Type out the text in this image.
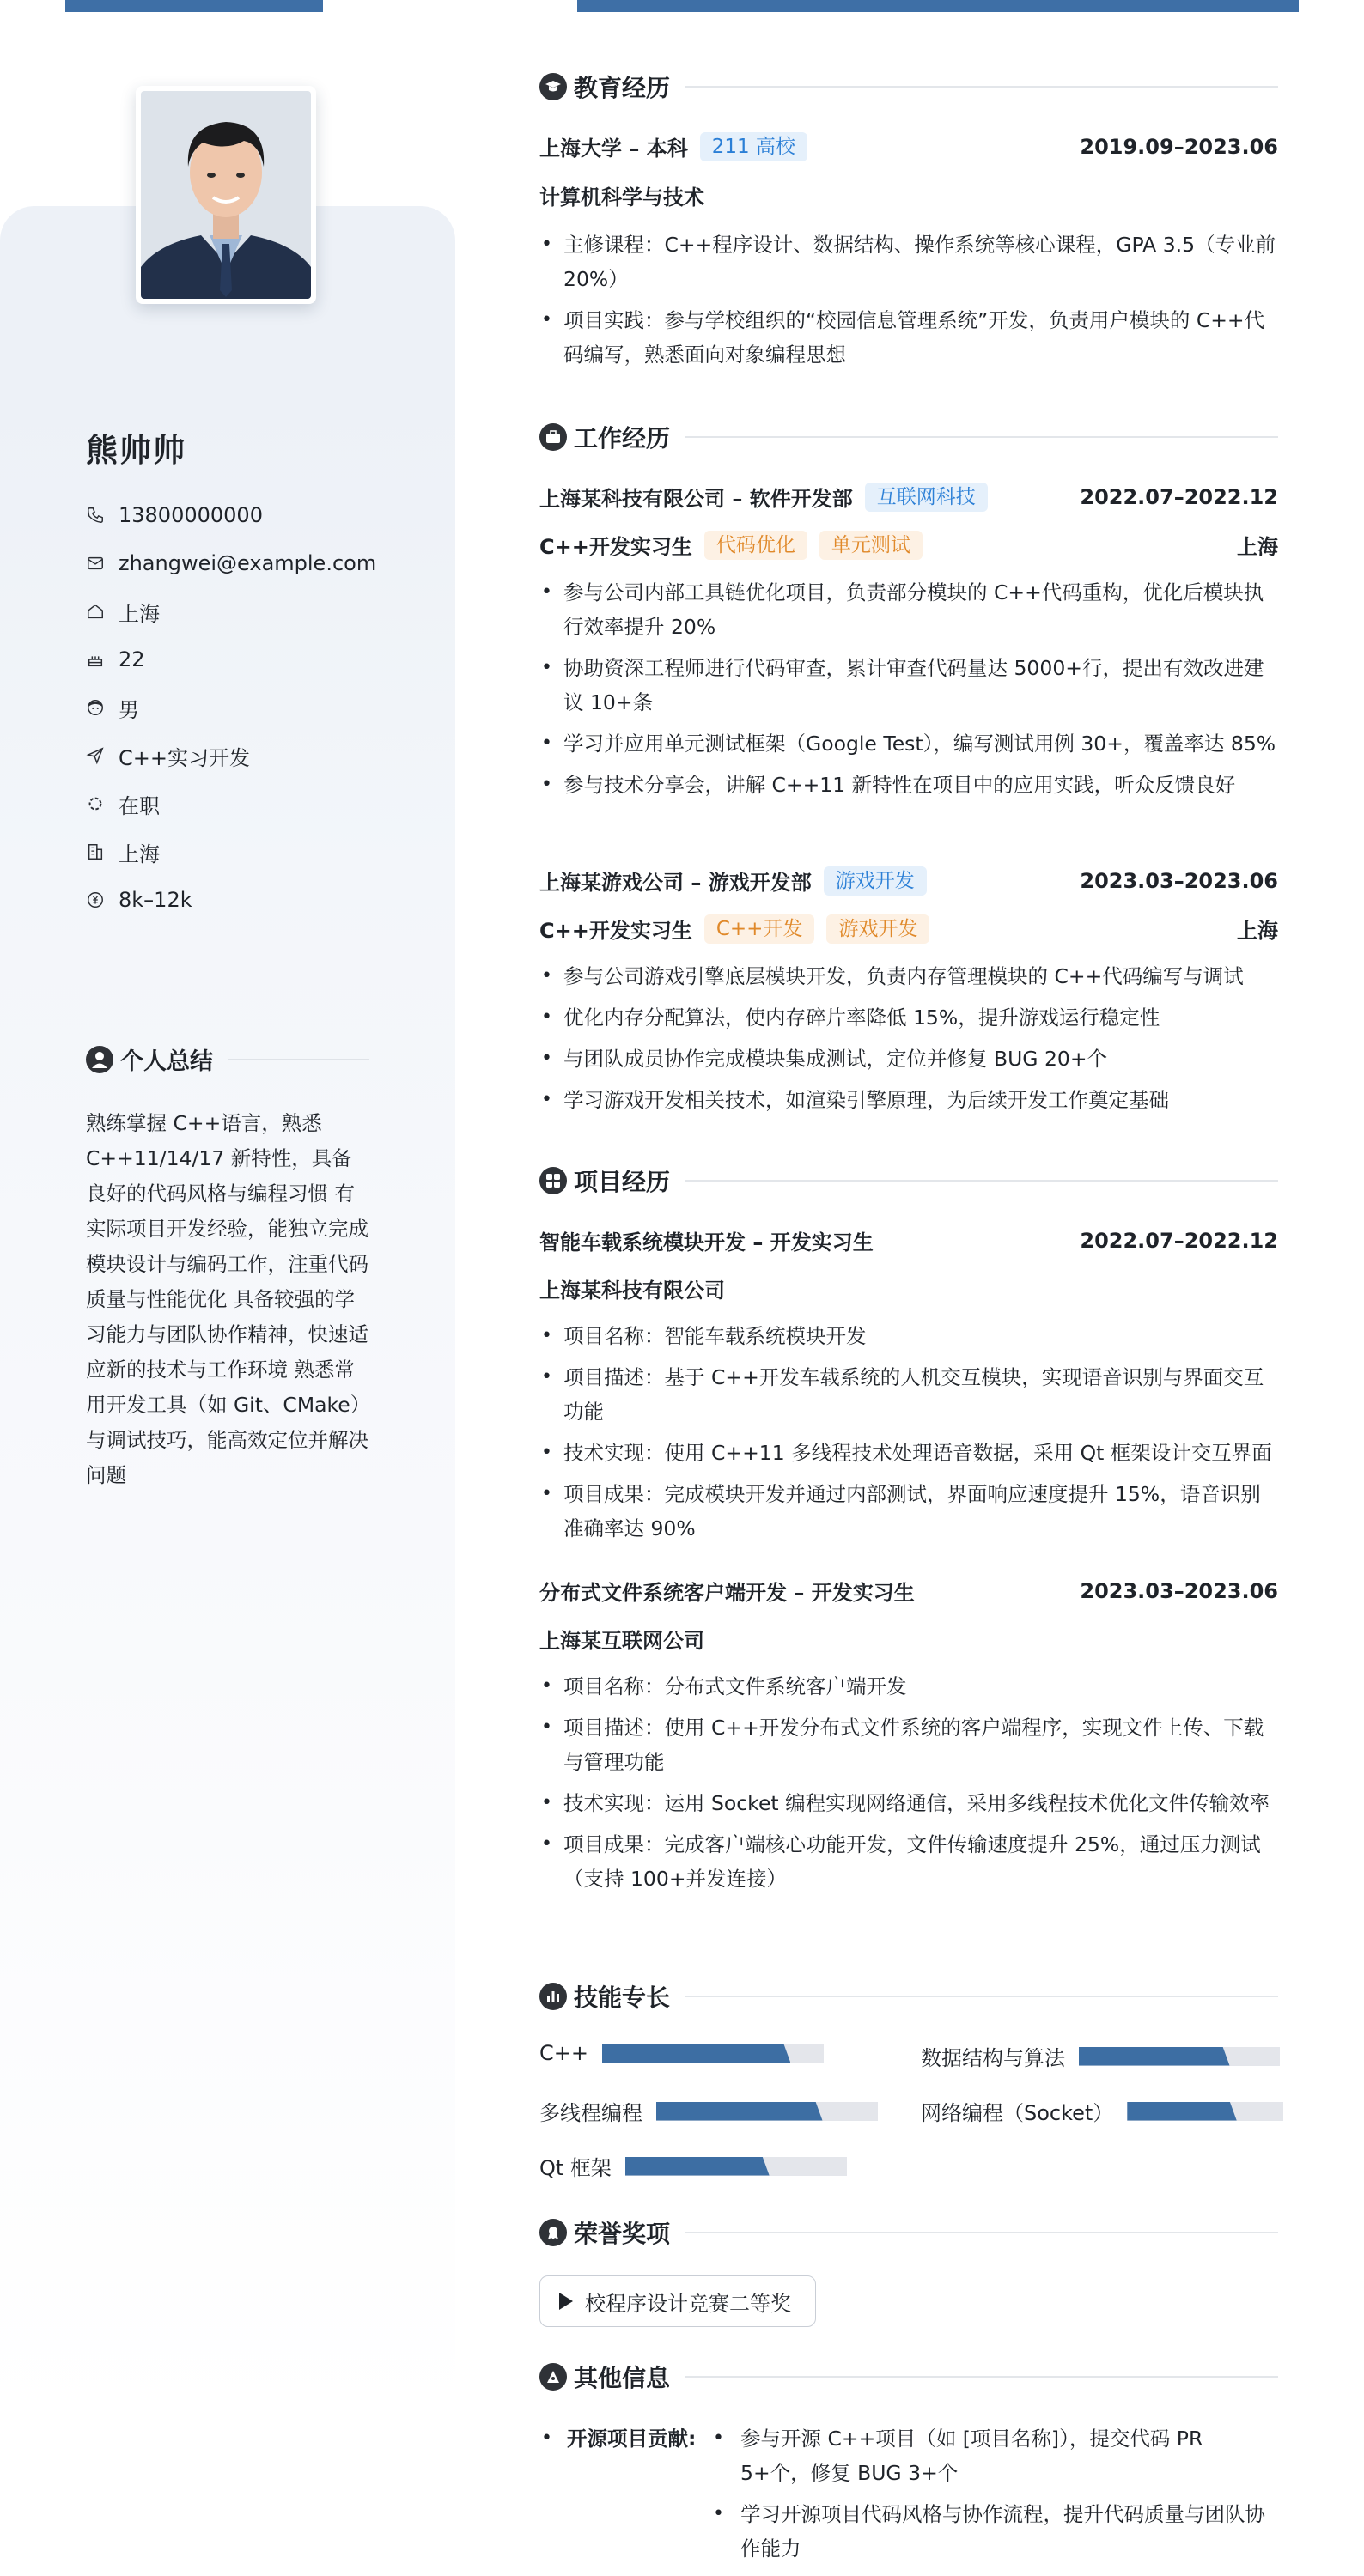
熊帅帅
13800000000
zhangwei@example.com
上海
22
男
C++实习开发
在职
上海
8k–12k
个人总结
熟练掌握 C++语言，熟悉 C++11/14/17 新特性，具备良好的代码风格与编程习惯 有实际项目开发经验，能独立完成模块设计与编码工作，注重代码质量与性能优化 具备较强的学习能力与团队协作精神，快速适应新的技术与工作环境 熟悉常用开发工具（如 Git、CMake）与调试技巧，能高效定位并解决问题
教育经历
上海大学 – 本科	211 高校	2019.09–2023.06
计算机科学与技术
• 主修课程：C++程序设计、数据结构、操作系统等核心课程，GPA 3.5（专业前 20%）
• 项目实践：参与学校组织的“校园信息管理系统”开发，负责用户模块的 C++代码编写，熟悉面向对象编程思想
工作经历
上海某科技有限公司 – 软件开发部	互联网科技	2022.07–2022.12
C++开发实习生	代码优化	单元测试	上海
• 参与公司内部工具链优化项目，负责部分模块的 C++代码重构，优化后模块执行效率提升 20%
• 协助资深工程师进行代码审查，累计审查代码量达 5000+行，提出有效改进建议 10+条
• 学习并应用单元测试框架（Google Test），编写测试用例 30+，覆盖率达 85%
• 参与技术分享会，讲解 C++11 新特性在项目中的应用实践，听众反馈良好
上海某游戏公司 – 游戏开发部	游戏开发	2023.03–2023.06
C++开发实习生	C++开发	游戏开发	上海
• 参与公司游戏引擎底层模块开发，负责内存管理模块的 C++代码编写与调试
• 优化内存分配算法，使内存碎片率降低 15%，提升游戏运行稳定性
• 与团队成员协作完成模块集成测试，定位并修复 BUG 20+个
• 学习游戏开发相关技术，如渲染引擎原理，为后续开发工作奠定基础
项目经历
智能车载系统模块开发 – 开发实习生	2022.07–2022.12
上海某科技有限公司
• 项目名称：智能车载系统模块开发
• 项目描述：基于 C++开发车载系统的人机交互模块，实现语音识别与界面交互功能
• 技术实现：使用 C++11 多线程技术处理语音数据，采用 Qt 框架设计交互界面
• 项目成果：完成模块开发并通过内部测试，界面响应速度提升 15%，语音识别准确率达 90%
分布式文件系统客户端开发 – 开发实习生	2023.03–2023.06
上海某互联网公司
• 项目名称：分布式文件系统客户端开发
• 项目描述：使用 C++开发分布式文件系统的客户端程序，实现文件上传、下载与管理功能
• 技术实现：运用 Socket 编程实现网络通信，采用多线程技术优化文件传输效率
• 项目成果：完成客户端核心功能开发，文件传输速度提升 25%，通过压力测试（支持 100+并发连接）
技能专长
C++	数据结构与算法
多线程编程	网络编程（Socket）
Qt 框架
荣誉奖项
校程序设计竞赛二等奖
其他信息
• 开源项目贡献:
•	参与开源 C++项目（如 [项目名称]），提交代码 PR 5+个，修复 BUG 3+个
• 学习开源项目代码风格与协作流程，提升代码质量与团队协作能力
